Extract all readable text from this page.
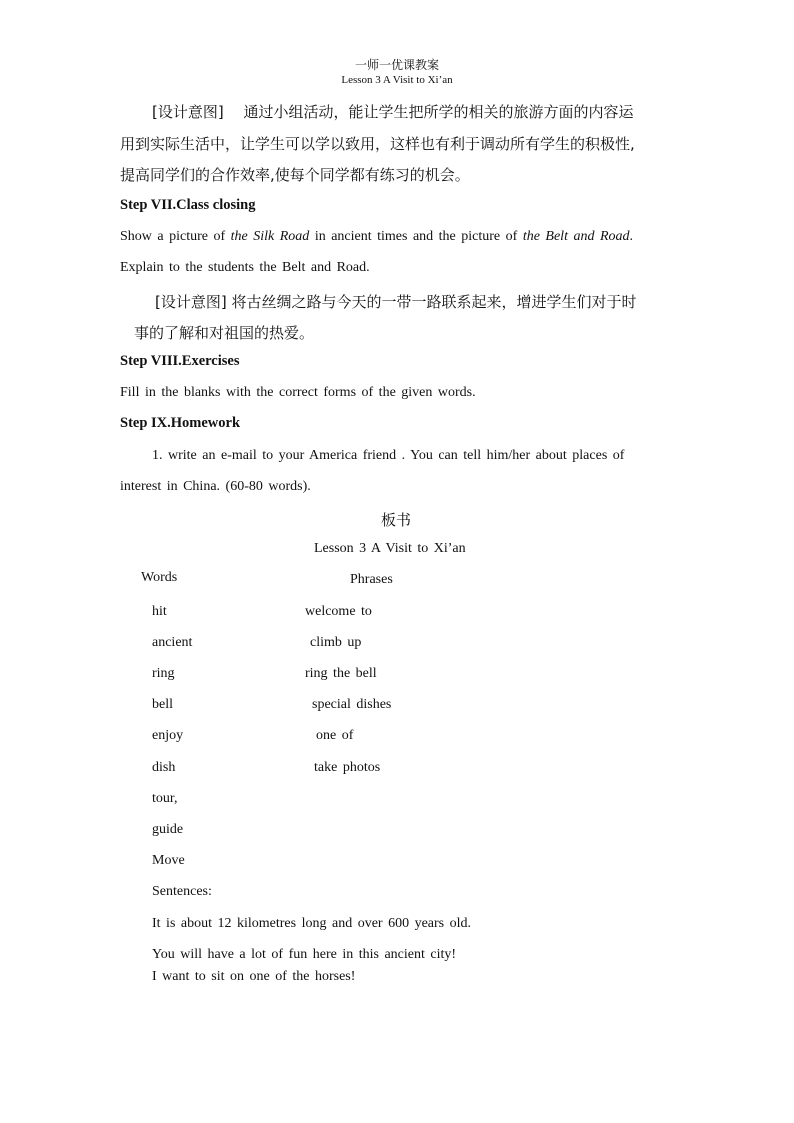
一师一优课教案
Lesson 3 A Visit to Xi’an
[设计意图]　 通过小组活动，能让学生把所学的相关的旅游方面的内容运
用到实际生活中，让学生可以学以致用，这样也有利于调动所有学生的积极性,
提高同学们的合作效率,使每个同学都有练习的机会。
Step VII.Class closing
Show a picture of the Silk Road in ancient times and the picture of the Belt and Road.
Explain to the students the Belt and Road.
[设计意图] 将古丝绸之路与今天的一带一路联系起来，增进学生们对于时
事的了解和对祖国的热爱。
Step VIII.Exercises
Fill in the blanks with the correct forms of the given words.
Step IX.Homework
1. write an e-mail to your America friend . You can tell him/her about places of
interest in China. (60-80 words).
板书
Lesson 3 A Visit to Xi’an
Words	Phrases
hit
ancient
ring
bell
enjoy
dish
tour,
guide
Move
welcome to
climb up
ring the bell
special dishes
one of
take photos
Sentences:
It is about 12 kilometres long and over 600 years old.
You will have a lot of fun here in this ancient city!
I want to sit on one of the horses!
